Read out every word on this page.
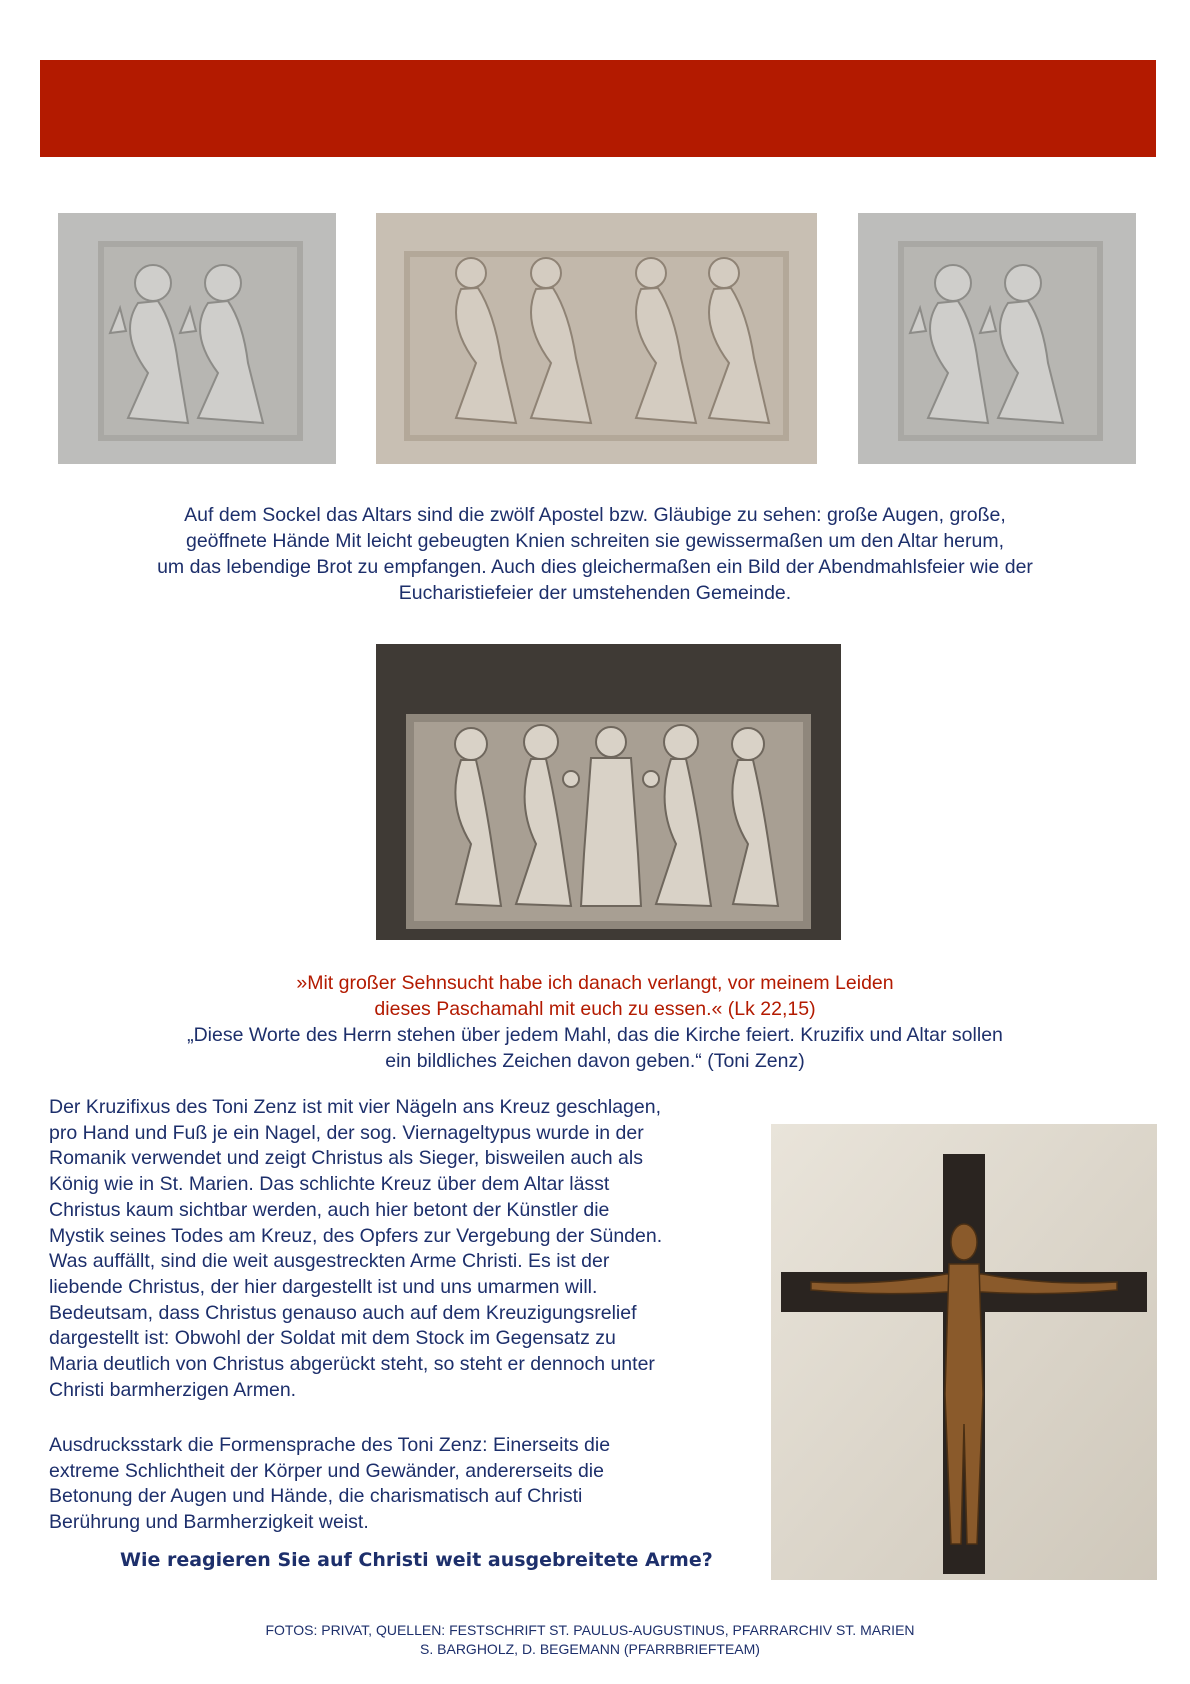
Auf dem Sockel das Altars sind die zwölf Apostel bzw. Gläubige zu sehen: große Augen, große,

geöffnete Hände Mit leicht gebeugten Knien schreiten sie gewissermaßen um den Altar herum,

um das lebendige Brot zu empfangen. Auch dies gleichermaßen ein Bild der Abendmahlsfeier wie der

Eucharistiefeier der umstehenden Gemeinde.

»Mit großer Sehnsucht habe ich danach verlangt, vor meinem Leiden

dieses Paschamahl mit euch zu essen.« (Lk 22,15)

„Diese Worte des Herrn stehen über jedem Mahl, das die Kirche feiert. Kruzifix und Altar sollen

ein bildliches Zeichen davon geben.“ (Toni Zenz)

Der Kruzifixus des Toni Zenz ist mit vier Nägeln ans Kreuz geschlagen,

pro Hand und Fuß je ein Nagel, der sog. Viernageltypus wurde in der

Romanik verwendet und zeigt Christus als Sieger, bisweilen auch als

König wie in St. Marien. Das schlichte Kreuz über dem Altar lässt

Christus kaum sichtbar werden, auch hier betont der Künstler die

Mystik seines Todes am Kreuz, des Opfers zur Vergebung der Sünden.

Was auffällt, sind die weit ausgestreckten Arme Christi. Es ist der

liebende Christus, der hier dargestellt ist und uns umarmen will.

Bedeutsam, dass Christus genauso auch auf dem Kreuzigungsrelief

dargestellt ist: Obwohl der Soldat mit dem Stock im Gegensatz zu

Maria deutlich von Christus abgerückt steht, so steht er dennoch unter

Christi barmherzigen Armen.

Ausdrucksstark die Formensprache des Toni Zenz: Einerseits die

extreme Schlichtheit der Körper und Gewänder, andererseits die

Betonung der Augen und Hände, die charismatisch auf Christi

Berührung und Barmherzigkeit weist.

Wie reagieren Sie auf Christi weit ausgebreitete Arme?

FOTOS: PRIVAT, QUELLEN: FESTSCHRIFT ST. PAULUS-AUGUSTINUS, PFARRARCHIV ST. MARIEN

S. BARGHOLZ, D. BEGEMANN (PFARRBRIEFTEAM)
